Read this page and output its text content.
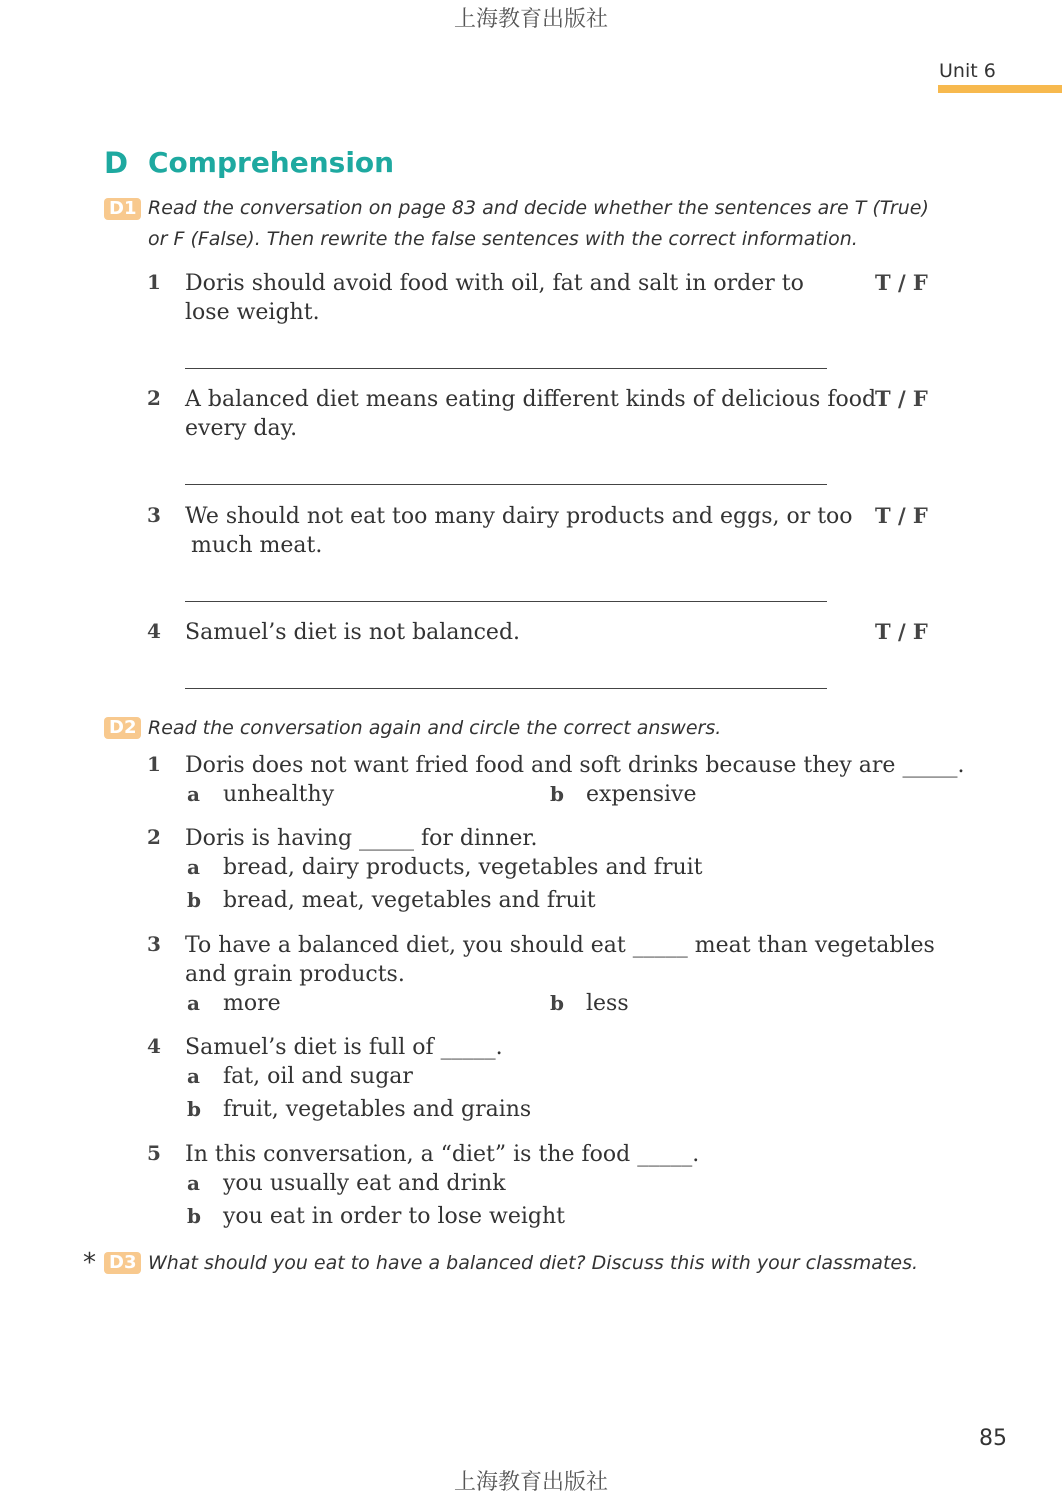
上海教育出版社
Unit 6
D Comprehension
D1 Read the conversation on page 83 and decide whether the sentences are T (True)
or F (False). Then rewrite the false sentences with the correct information.
1 Doris should avoid food with oil, fat and salt in order to
lose weight.
T / F
2 A balanced diet means eating different kinds of delicious food
every day.
T / F
3 We should not eat too many dairy products and eggs, or too
much meat.
T / F
4 Samuel’s diet is not balanced.	T / F
D2 Read the conversation again and circle the correct answers.
1 Doris does not want fried food and soft drinks because they are _____.
a unhealthy	b expensive
2 Doris is having _____ for dinner.
a bread, dairy products, vegetables and fruit
b bread, meat, vegetables and fruit
3 To have a balanced diet, you should eat _____ meat than vegetables
and grain products.
a more	b less
4 Samuel’s diet is full of _____.
a fat, oil and sugar
b fruit, vegetables and grains
5 In this conversation, a “diet” is the food _____.
a you usually eat and drink
b you eat in order to lose weight
* D3 What should you eat to have a balanced diet? Discuss this with your classmates.
85
上海教育出版社
